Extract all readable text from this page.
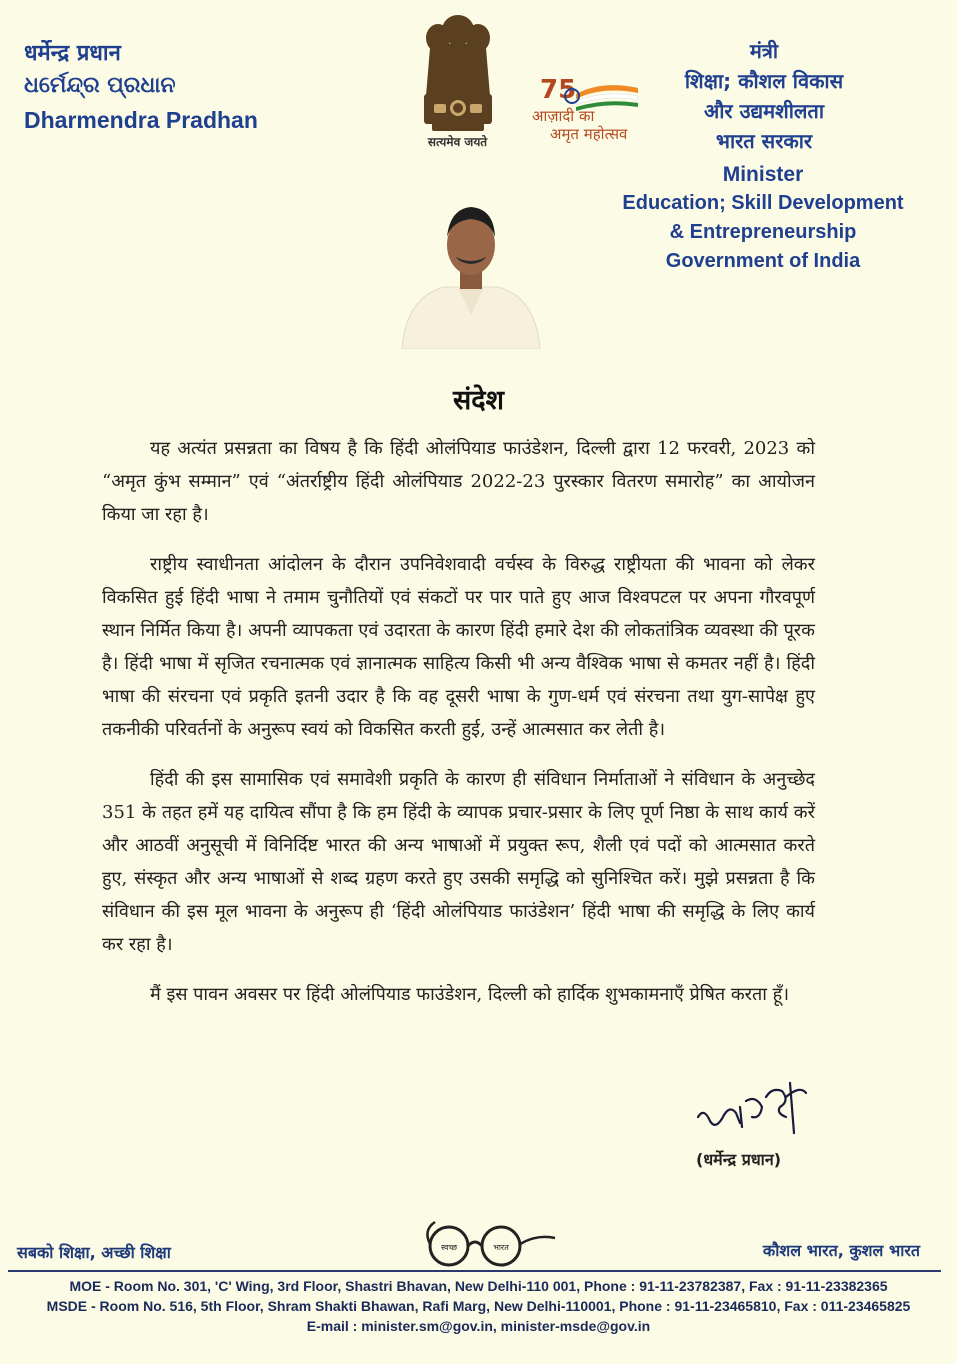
धर्मेन्द्र प्रधान
ଧର୍ମେନ୍ଦ୍ର ପ୍ରଧାନ
Dharmendra Pradhan
सत्यमेव जयते
75
आज़ादी का
अमृत महोत्सव
मंत्री
शिक्षा; कौशल विकास
और उद्यमशीलता
भारत सरकार
Minister
Education; Skill Development
& Entrepreneurship
Government of India
संदेश

यह अत्यंत प्रसन्नता का विषय है कि हिंदी ओलंपियाड फाउंडेशन, दिल्ली द्वारा 12 फरवरी, 2023 को “अमृत कुंभ सम्मान” एवं “अंतर्राष्ट्रीय हिंदी ओलंपियाड 2022-23 पुरस्कार वितरण समारोह” का आयोजन किया जा रहा है।

राष्ट्रीय स्वाधीनता आंदोलन के दौरान उपनिवेशवादी वर्चस्व के विरुद्ध राष्ट्रीयता की भावना को लेकर विकसित हुई हिंदी भाषा ने तमाम चुनौतियों एवं संकटों पर पार पाते हुए आज विश्वपटल पर अपना गौरवपूर्ण स्थान निर्मित किया है। अपनी व्यापकता एवं उदारता के कारण हिंदी हमारे देश की लोकतांत्रिक व्यवस्था की पूरक है। हिंदी भाषा में सृजित रचनात्मक एवं ज्ञानात्मक साहित्य किसी भी अन्य वैश्विक भाषा से कमतर नहीं है। हिंदी भाषा की संरचना एवं प्रकृति इतनी उदार है कि वह दूसरी भाषा के गुण-धर्म एवं संरचना तथा युग-सापेक्ष हुए तकनीकी परिवर्तनों के अनुरूप स्वयं को विकसित करती हुई, उन्हें आत्मसात कर लेती है।

हिंदी की इस सामासिक एवं समावेशी प्रकृति के कारण ही संविधान निर्माताओं ने संविधान के अनुच्छेद 351 के तहत हमें यह दायित्व सौंपा है कि हम हिंदी के व्यापक प्रचार-प्रसार के लिए पूर्ण निष्ठा के साथ कार्य करें और आठवीं अनुसूची में विनिर्दिष्ट भारत की अन्य भाषाओं में प्रयुक्त रूप, शैली एवं पदों को आत्मसात करते हुए, संस्कृत और अन्य भाषाओं से शब्द ग्रहण करते हुए उसकी समृद्धि को सुनिश्चित करें। मुझे प्रसन्नता है कि संविधान की इस मूल भावना के अनुरूप ही ‘हिंदी ओलंपियाड फाउंडेशन’ हिंदी भाषा की समृद्धि के लिए कार्य कर रहा है।

मैं इस पावन अवसर पर हिंदी ओलंपियाड फाउंडेशन, दिल्ली को हार्दिक शुभकामनाएँ प्रेषित करता हूँ।

(धर्मेन्द्र प्रधान)
सबको शिक्षा, अच्छी शिक्षा	स्वच्छ	भारत	कौशल भारत, कुशल भारत
MOE - Room No. 301, 'C' Wing, 3rd Floor, Shastri Bhavan, New Delhi-110 001, Phone : 91-11-23782387, Fax : 91-11-23382365
MSDE - Room No. 516, 5th Floor, Shram Shakti Bhawan, Rafi Marg, New Delhi-110001, Phone : 91-11-23465810, Fax : 011-23465825
E-mail : minister.sm@gov.in, minister-msde@gov.in
